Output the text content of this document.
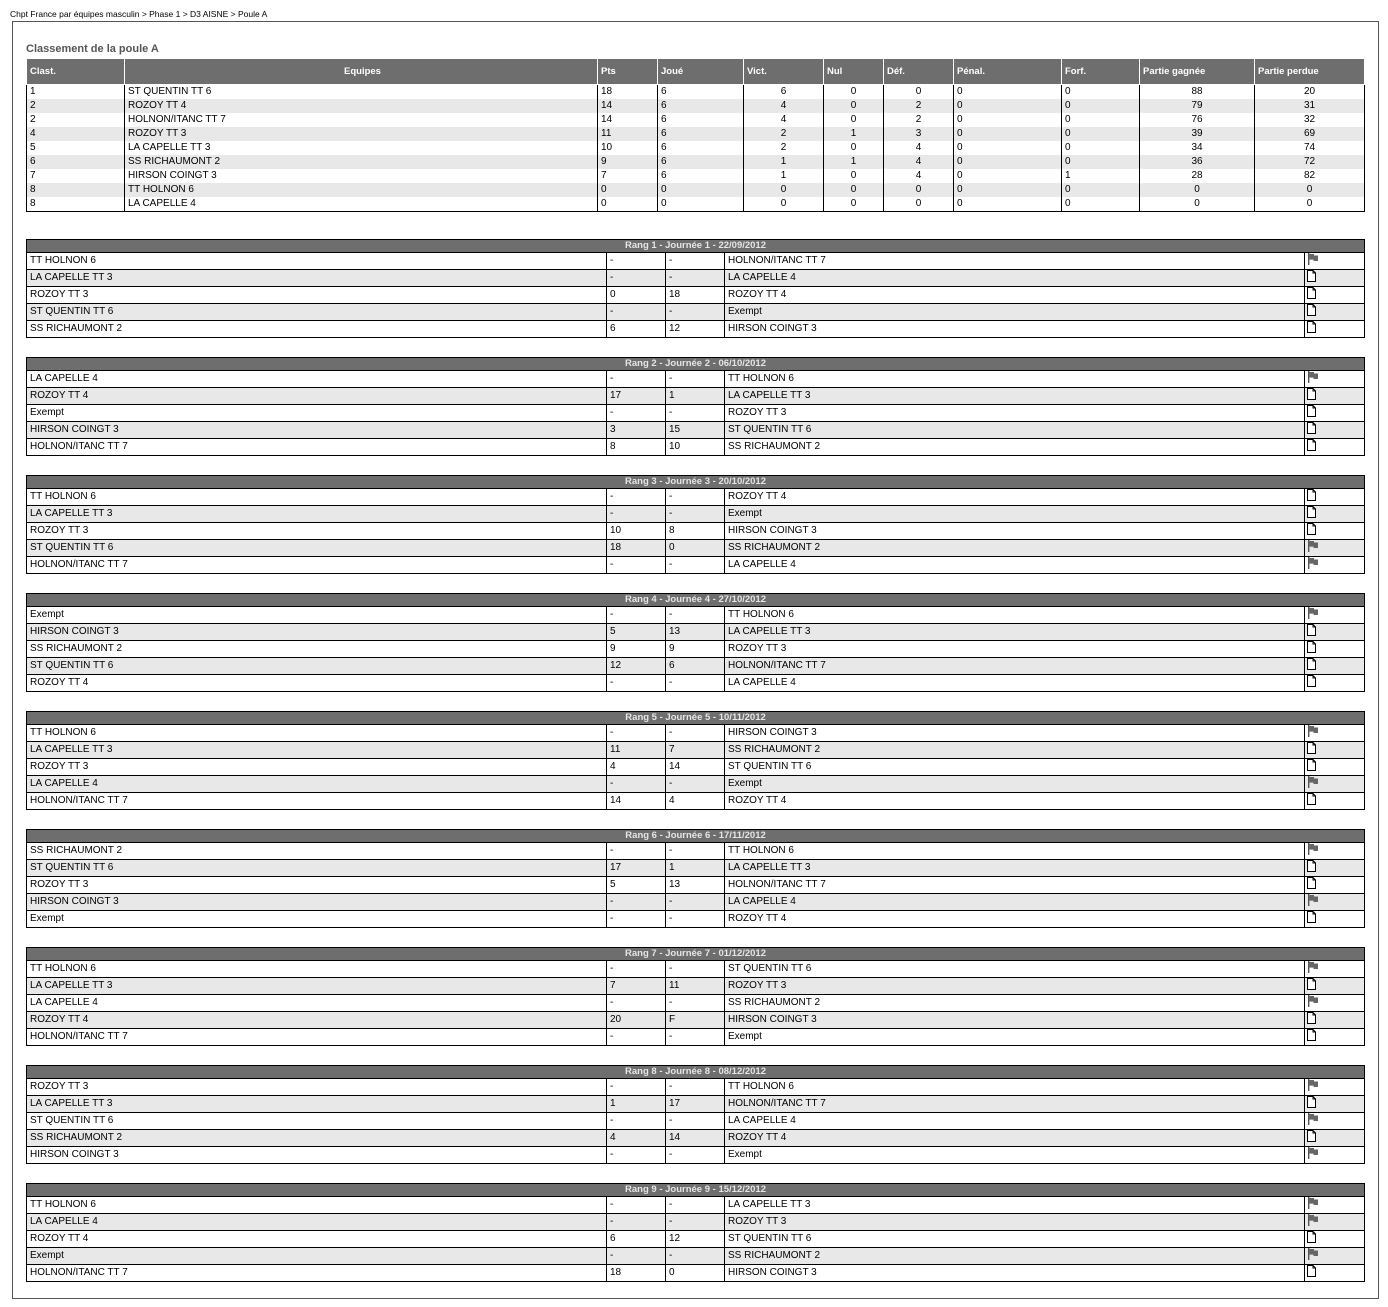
Chpt France par équipes masculin > Phase 1 > D3 AISNE > Poule A
Classement de la poule A
Clast.	Equipes	Pts	Joué	Vict.	Nul	Déf.	Pénal.	Forf.	Partie gagnée	Partie perdue
1	ST QUENTIN TT 6	18	6	6	0	0	0	0	88	20
2	ROZOY TT 4	14	6	4	0	2	0	0	79	31
2	HOLNON/ITANC TT 7	14	6	4	0	2	0	0	76	32
4	ROZOY TT 3	11	6	2	1	3	0	0	39	69
5	LA CAPELLE TT 3	10	6	2	0	4	0	0	34	74
6	SS RICHAUMONT 2	9	6	1	1	4	0	0	36	72
7	HIRSON COINGT 3	7	6	1	0	4	0	1	28	82
8	TT HOLNON 6	0	0	0	0	0	0	0	0	0
8	LA CAPELLE 4	0	0	0	0	0	0	0	0	0
Rang 1 - Journée 1 - 22/09/2012				
TT HOLNON 6	-	-	HOLNON/ITANC TT 7	
LA CAPELLE TT 3	-	-	LA CAPELLE 4	
ROZOY TT 3	0	18	ROZOY TT 4	
ST QUENTIN TT 6	-	-	Exempt	
SS RICHAUMONT 2	6	12	HIRSON COINGT 3	
Rang 2 - Journée 2 - 06/10/2012				
LA CAPELLE 4	-	-	TT HOLNON 6	
ROZOY TT 4	17	1	LA CAPELLE TT 3	
Exempt	-	-	ROZOY TT 3	
HIRSON COINGT 3	3	15	ST QUENTIN TT 6	
HOLNON/ITANC TT 7	8	10	SS RICHAUMONT 2	
Rang 3 - Journée 3 - 20/10/2012				
TT HOLNON 6	-	-	ROZOY TT 4	
LA CAPELLE TT 3	-	-	Exempt	
ROZOY TT 3	10	8	HIRSON COINGT 3	
ST QUENTIN TT 6	18	0	SS RICHAUMONT 2	
HOLNON/ITANC TT 7	-	-	LA CAPELLE 4	
Rang 4 - Journée 4 - 27/10/2012				
Exempt	-	-	TT HOLNON 6	
HIRSON COINGT 3	5	13	LA CAPELLE TT 3	
SS RICHAUMONT 2	9	9	ROZOY TT 3	
ST QUENTIN TT 6	12	6	HOLNON/ITANC TT 7	
ROZOY TT 4	-	-	LA CAPELLE 4	
Rang 5 - Journée 5 - 10/11/2012				
TT HOLNON 6	-	-	HIRSON COINGT 3	
LA CAPELLE TT 3	11	7	SS RICHAUMONT 2	
ROZOY TT 3	4	14	ST QUENTIN TT 6	
LA CAPELLE 4	-	-	Exempt	
HOLNON/ITANC TT 7	14	4	ROZOY TT 4	
Rang 6 - Journée 6 - 17/11/2012				
SS RICHAUMONT 2	-	-	TT HOLNON 6	
ST QUENTIN TT 6	17	1	LA CAPELLE TT 3	
ROZOY TT 3	5	13	HOLNON/ITANC TT 7	
HIRSON COINGT 3	-	-	LA CAPELLE 4	
Exempt	-	-	ROZOY TT 4	
Rang 7 - Journée 7 - 01/12/2012				
TT HOLNON 6	-	-	ST QUENTIN TT 6	
LA CAPELLE TT 3	7	11	ROZOY TT 3	
LA CAPELLE 4	-	-	SS RICHAUMONT 2	
ROZOY TT 4	20	F	HIRSON COINGT 3	
HOLNON/ITANC TT 7	-	-	Exempt	
Rang 8 - Journée 8 - 08/12/2012				
ROZOY TT 3	-	-	TT HOLNON 6	
LA CAPELLE TT 3	1	17	HOLNON/ITANC TT 7	
ST QUENTIN TT 6	-	-	LA CAPELLE 4	
SS RICHAUMONT 2	4	14	ROZOY TT 4	
HIRSON COINGT 3	-	-	Exempt	
Rang 9 - Journée 9 - 15/12/2012				
TT HOLNON 6	-	-	LA CAPELLE TT 3	
LA CAPELLE 4	-	-	ROZOY TT 3	
ROZOY TT 4	6	12	ST QUENTIN TT 6	
Exempt	-	-	SS RICHAUMONT 2	
HOLNON/ITANC TT 7	18	0	HIRSON COINGT 3	
